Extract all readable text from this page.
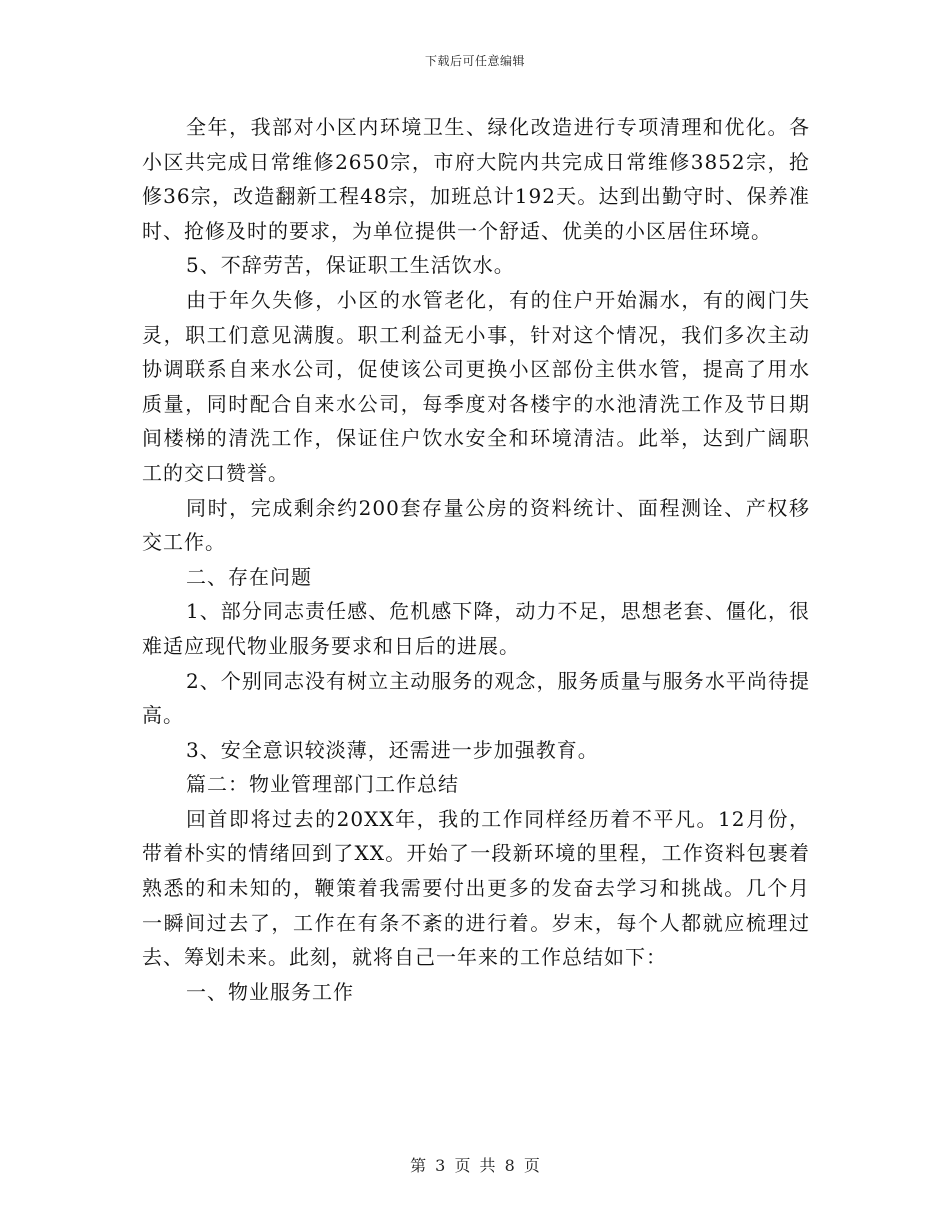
下载后可任意编辑

全年，我部对小区内环境卫生、绿化改造进行专项清理和优化。各小区共完成日常维修2650宗，市府大院内共完成日常维修3852宗，抢修36宗，改造翻新工程48宗，加班总计192天。达到出勤守时、保养准时、抢修及时的要求，为单位提供一个舒适、优美的小区居住环境。

5、不辞劳苦，保证职工生活饮水。

由于年久失修，小区的水管老化，有的住户开始漏水，有的阀门失灵，职工们意见满腹。职工利益无小事，针对这个情况，我们多次主动协调联系自来水公司，促使该公司更换小区部份主供水管，提高了用水质量，同时配合自来水公司，每季度对各楼宇的水池清洗工作及节日期间楼梯的清洗工作，保证住户饮水安全和环境清洁。此举，达到广阔职工的交口赞誉。

同时，完成剩余约200套存量公房的资料统计、面程测诠、产权移交工作。

二、存在问题

1、部分同志责任感、危机感下降，动力不足，思想老套、僵化，很难适应现代物业服务要求和日后的进展。

2、个别同志没有树立主动服务的观念，服务质量与服务水平尚待提高。

3、安全意识较淡薄，还需进一步加强教育。

篇二：物业管理部门工作总结

回首即将过去的20XX年，我的工作同样经历着不平凡。12月份，带着朴实的情绪回到了XX。开始了一段新环境的里程，工作资料包裹着熟悉的和未知的，鞭策着我需要付出更多的发奋去学习和挑战。几个月一瞬间过去了，工作在有条不紊的进行着。岁末，每个人都就应梳理过去、筹划未来。此刻，就将自己一年来的工作总结如下：

一、物业服务工作

第 3 页 共 8 页
